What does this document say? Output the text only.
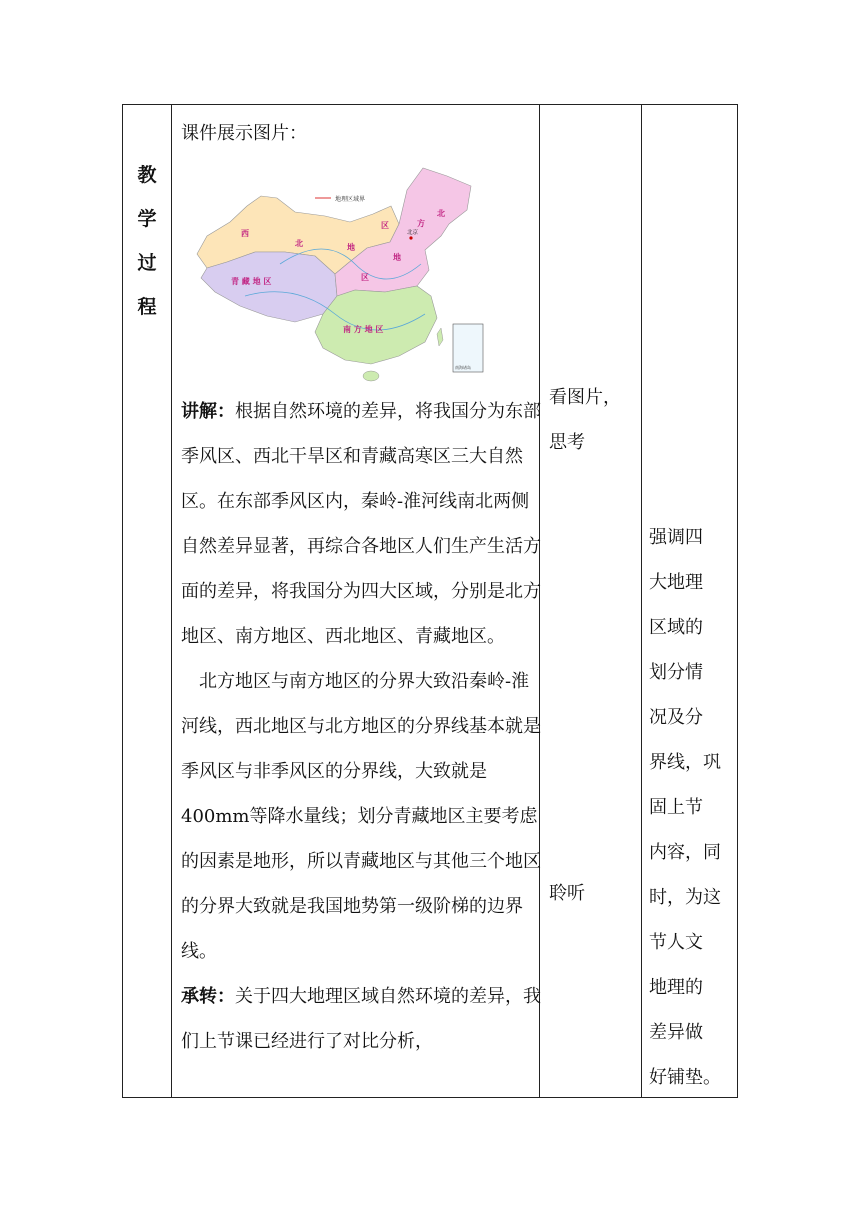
教
学
过
程

课件展示图片：

地理区域界
南海诸岛
北京
西
北	地
区
青 藏 地 区
北
方
地
区
南 方 地 区

讲解：根据自然环境的差异，将我国分为东部季风区、西北干旱区和青藏高寒区三大自然区。在东部季风区内，秦岭-淮河线南北两侧自然差异显著，再综合各地区人们生产生活方面的差异，将我国分为四大区域，分别是北方地区、南方地区、西北地区、青藏地区。

北方地区与南方地区的分界大致沿秦岭-淮河线，西北地区与北方地区的分界线基本就是季风区与非季风区的分界线，大致就是400mm等降水量线；划分青藏地区主要考虑的因素是地形，所以青藏地区与其他三个地区的分界大致就是我国地势第一级阶梯的边界线。

承转：关于四大地理区域自然环境的差异，我们上节课已经进行了对比分析，

看图片，
思考
聆听
强调四
大地理
区域的
划分情
况及分
界线，巩
固上节
内容，同
时，为这
节人文
地理的
差异做
好铺垫。
